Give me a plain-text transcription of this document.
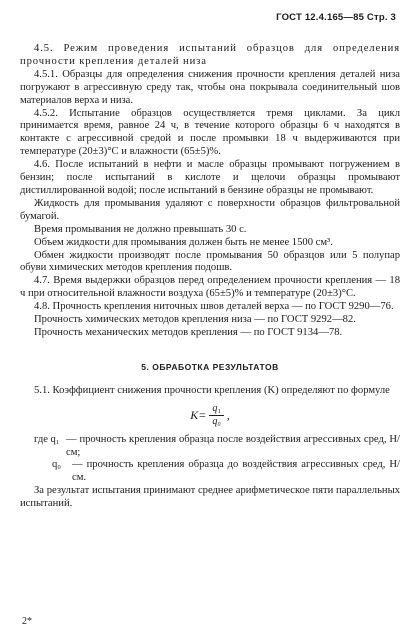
ГОСТ 12.4.165—85 Стр. 3

4.5. Режим проведения испытаний образцов для определения прочности крепления деталей низа

4.5.1. Образцы для определения снижения прочности крепления деталей низа погружают в агрессивную среду так, чтобы она покрывала соединительный шов материалов верха и низа.

4.5.2. Испытание образцов осуществляется тремя циклами. За цикл принимается время, равное 24 ч, в течение которого образцы 6 ч находятся в контакте с агрессивной средой и после промывки 18 ч выдерживаются при температуре (20±3)°С и влажности (65±5)%.

4.6. После испытаний в нефти и масле образцы промывают погружением в бензин; после испытаний в кислоте и щелочи образцы промывают дистиллированной водой; после испытаний в бензине образцы не промывают.

Жидкость для промывания удаляют с поверхности образцов фильтровальной бумагой.

Время промывания не должно превышать 30 с.

Объем жидкости для промывания должен быть не менее 1500 см³.

Обмен жидкости производят после промывания 50 образцов или 5 полупар обуви химических методов крепления подошв.

4.7. Время выдержки образцов перед определением прочности крепления — 18 ч при относительной влажности воздуха (65±5)% и температуре (20±3)°С.

4.8. Прочность крепления ниточных швов деталей верха — по ГОСТ 9290—76.

Прочность химических методов крепления низа — по ГОСТ 9292—82.

Прочность механических методов крепления — по ГОСТ 9134—78.

5. ОБРАБОТКА РЕЗУЛЬТАТОВ

5.1. Коэффициент снижения прочности крепления (K) определяют по формуле

$K= \frac{\text{q₁}}{\text{q₀}}$ ,
где q₁ — прочность крепления образца после воздействия агрессивных сред, Н/см;
q₀	— прочность крепления образца до воздействия агрессивных сред, Н/см.

За результат испытания принимают среднее арифметическое пяти параллельных испытаний.

2*
